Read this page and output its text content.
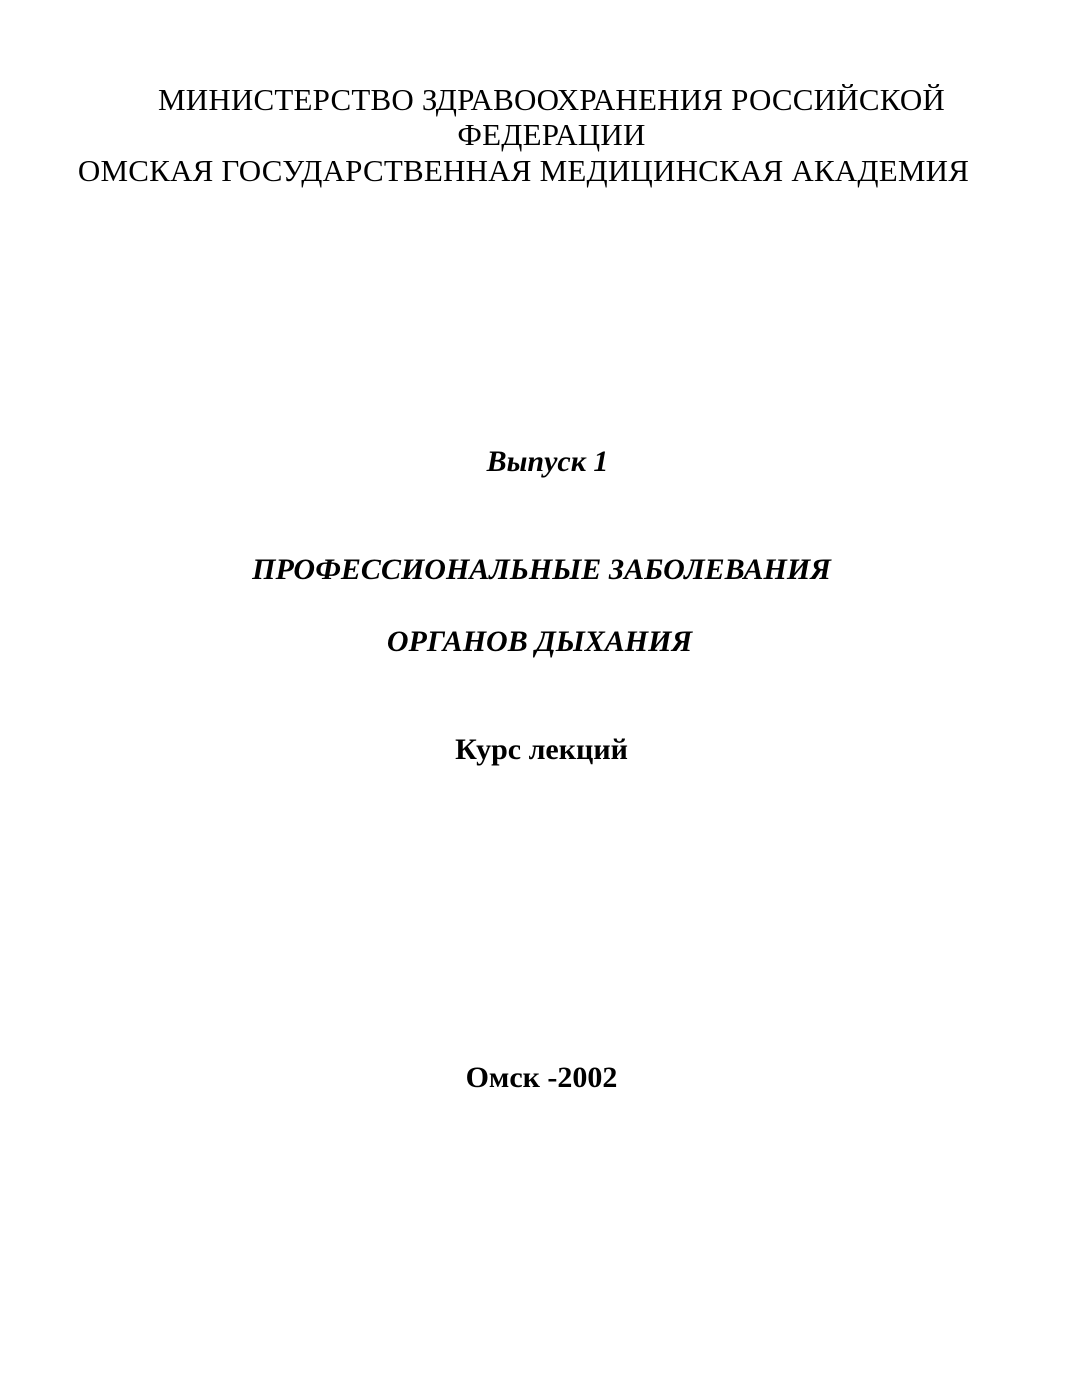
МИНИСТЕРСТВО ЗДРАВООХРАНЕНИЯ РОССИЙСКОЙ
ФЕДЕРАЦИИ
ОМСКАЯ ГОСУДАРСТВЕННАЯ МЕДИЦИНСКАЯ АКАДЕМИЯ
Выпуск 1
ПРОФЕССИОНАЛЬНЫЕ ЗАБОЛЕВАНИЯ
ОРГАНОВ ДЫХАНИЯ
Курс лекций
Омск -2002
